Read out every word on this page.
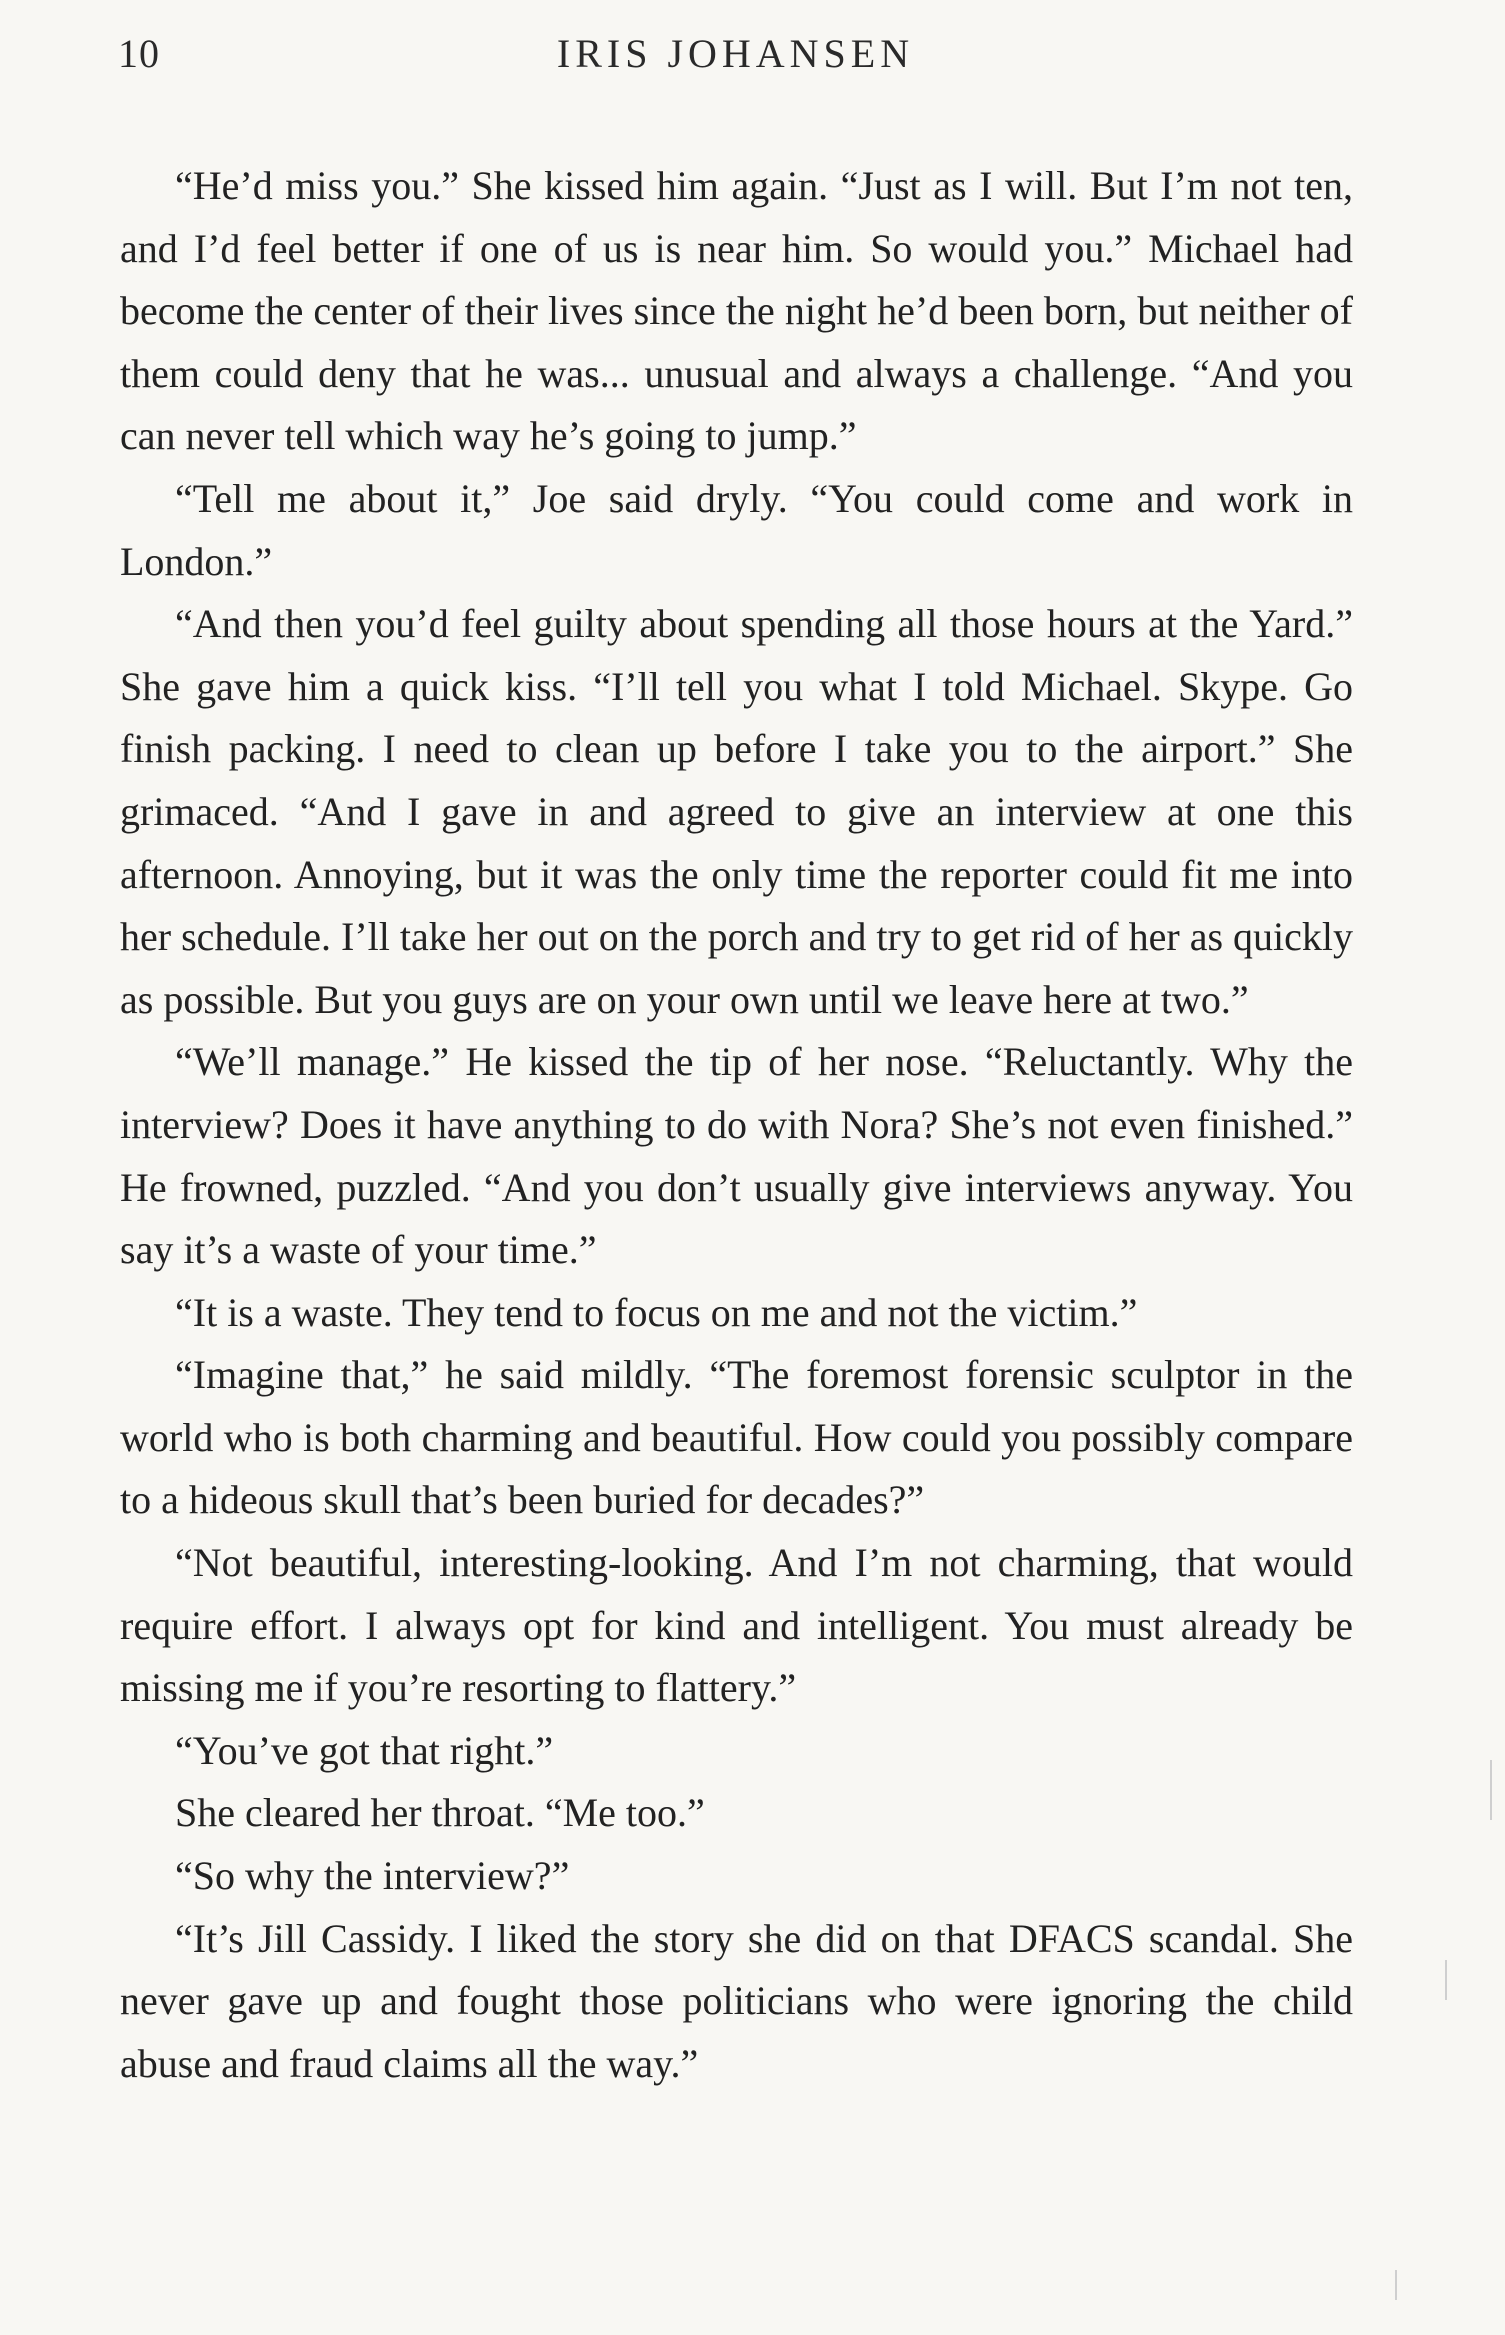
10	IRIS JOHANSEN

“He’d miss you.” She kissed him again. “Just as I will. But I’m not ten, and I’d feel better if one of us is near him. So would you.” Michael had become the center of their lives since the night he’d been born, but neither of them could deny that he was... unusual and always a challenge. “And you can never tell which way he’s going to jump.”

“Tell me about it,” Joe said dryly. “You could come and work in London.”

“And then you’d feel guilty about spending all those hours at the Yard.” She gave him a quick kiss. “I’ll tell you what I told Michael. Skype. Go finish packing. I need to clean up before I take you to the airport.” She grimaced. “And I gave in and agreed to give an interview at one this afternoon. Annoying, but it was the only time the reporter could fit me into her schedule. I’ll take her out on the porch and try to get rid of her as quickly as possible. But you guys are on your own until we leave here at two.”

“We’ll manage.” He kissed the tip of her nose. “Reluctantly. Why the interview? Does it have anything to do with Nora? She’s not even finished.” He frowned, puzzled. “And you don’t usually give interviews anyway. You say it’s a waste of your time.”

“It is a waste. They tend to focus on me and not the victim.”

“Imagine that,” he said mildly. “The foremost forensic sculptor in the world who is both charming and beautiful. How could you possibly compare to a hideous skull that’s been buried for decades?”

“Not beautiful, interesting-looking. And I’m not charming, that would require effort. I always opt for kind and intelligent. You must already be missing me if you’re resorting to flattery.”

“You’ve got that right.”

She cleared her throat. “Me too.”

“So why the interview?”

“It’s Jill Cassidy. I liked the story she did on that DFACS scandal. She never gave up and fought those politicians who were ignoring the child abuse and fraud claims all the way.”
